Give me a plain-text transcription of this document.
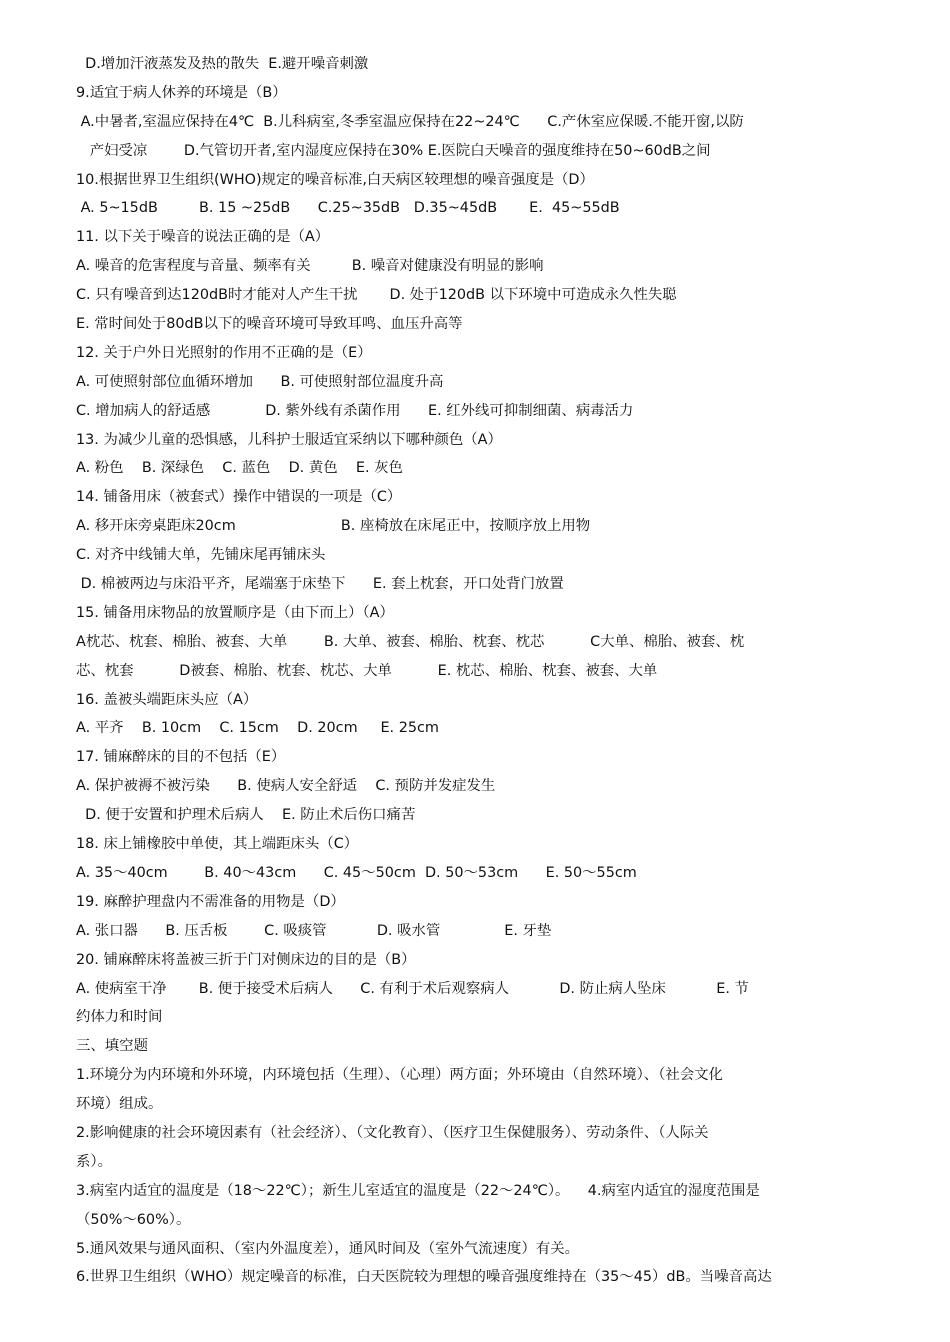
D.增加汗液蒸发及热的散失  E.避开噪音刺激
9.适宜于病人休养的环境是（B）
A.中暑者,室温应保持在4℃  B.儿科病室,冬季室温应保持在22~24℃      C.产休室应保暖.不能开窗,以防
产妇受凉        D.气管切开者,室内湿度应保持在30% E.医院白天噪音的强度维持在50~60dB之间
10.根据世界卫生组织(WHO)规定的噪音标准,白天病区较理想的噪音强度是（D）
A. 5~15dB         B. 15 ~25dB      C.25~35dB   D.35~45dB       E.  45~55dB
11. 以下关于噪音的说法正确的是（A）
A. 噪音的危害程度与音量、频率有关         B. 噪音对健康没有明显的影响
C. 只有噪音到达120dB时才能对人产生干扰       D. 处于120dB 以下环境中可造成永久性失聪
E. 常时间处于80dB以下的噪音环境可导致耳鸣、血压升高等
12. 关于户外日光照射的作用不正确的是（E）
A. 可使照射部位血循环增加      B. 可使照射部位温度升高
C. 增加病人的舒适感            D. 紫外线有杀菌作用      E. 红外线可抑制细菌、病毒活力
13. 为减少儿童的恐惧感，儿科护士服适宜采纳以下哪种颜色（A）
A. 粉色    B. 深绿色    C. 蓝色    D. 黄色    E. 灰色
14. 铺备用床（被套式）操作中错误的一项是（C）
A. 移开床旁桌距床20cm                       B. 座椅放在床尾正中，按顺序放上用物
C. 对齐中线铺大单，先铺床尾再铺床头
D. 棉被两边与床沿平齐，尾端塞于床垫下      E. 套上枕套，开口处背门放置
15. 铺备用床物品的放置顺序是（由下而上）（A）
A枕芯、枕套、棉胎、被套、大单        B. 大单、被套、棉胎、枕套、枕芯          C大单、棉胎、被套、枕
芯、枕套          D被套、棉胎、枕套、枕芯、大单          E. 枕芯、棉胎、枕套、被套、大单
16. 盖被头端距床头应（A）
A. 平齐    B. 10cm    C. 15cm    D. 20cm     E. 25cm
17. 铺麻醉床的目的不包括（E）
A. 保护被褥不被污染      B. 使病人安全舒适    C. 预防并发症发生
D. 便于安置和护理术后病人    E. 防止术后伤口痛苦
18. 床上铺橡胶中单使，其上端距床头（C）
A. 35～40cm        B. 40～43cm      C. 45～50cm  D. 50～53cm      E. 50～55cm
19. 麻醉护理盘内不需准备的用物是（D）
A. 张口器      B. 压舌板        C. 吸痰管           D. 吸水管              E. 牙垫
20. 铺麻醉床将盖被三折于门对侧床边的目的是（B）
A. 使病室干净       B. 便于接受术后病人      C. 有利于术后观察病人           D. 防止病人坠床           E. 节
约体力和时间
三、填空题
1.环境分为内环境和外环境，内环境包括（生理）、（心理）两方面；外环境由（自然环境）、（社会文化
环境）组成。
2.影响健康的社会环境因素有（社会经济）、（文化教育）、（医疗卫生保健服务）、劳动条件、（人际关
系）。
3.病室内适宜的温度是（18～22℃）；新生儿室适宜的温度是（22～24℃）。    4.病室内适宜的湿度范围是
（50%～60%）。
5.通风效果与通风面积、（室内外温度差），通风时间及（室外气流速度）有关。
6.世界卫生组织（WHO）规定噪音的标准，白天医院较为理想的噪音强度维持在（35～45）dB。当噪音高达
